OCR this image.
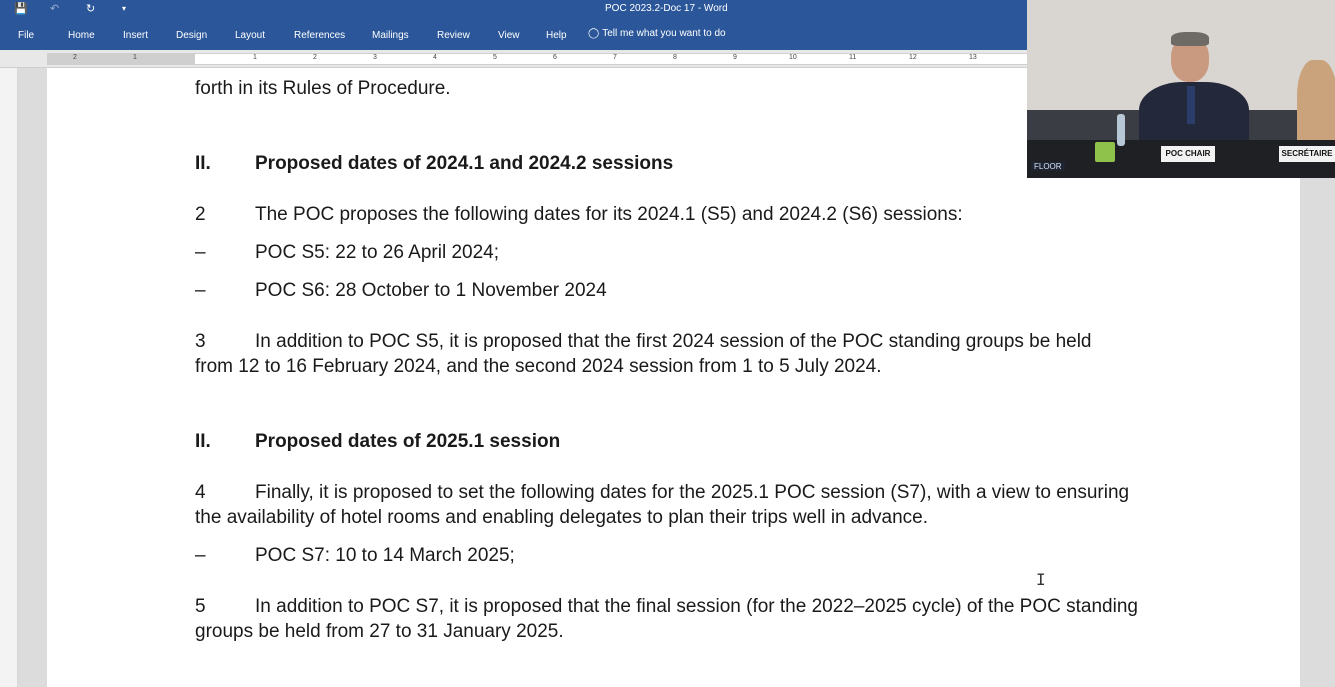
💾 ↶ ↻	▾	POC 2023.2-Doc 17 - Word
File	Home	Insert	Design	Layout	References	Mailings	Review	View	Help ◯ Tell me what you want to do
2	1	1	2	3	4	5	6	7	8	9	10	11	12	13
forth in its Rules of Procedure.
II. Proposed dates of 2024.1 and 2024.2 sessions
2	The POC proposes the following dates for its 2024.1 (S5) and 2024.2 (S6) sessions:
–	POC S5: 22 to 26 April 2024;
–	POC S6: 28 October to 1 November 2024
3	In addition to POC S5, it is proposed that the first 2024 session of the POC standing groups be held
from 12 to 16 February 2024, and the second 2024 session from 1 to 5 July 2024.
II. Proposed dates of 2025.1 session
4	Finally, it is proposed to set the following dates for the 2025.1 POC session (S7), with a view to ensuring
the availability of hotel rooms and enabling delegates to plan their trips well in advance.
–	POC S7: 10 to 14 March 2025;
5	In addition to POC S7, it is proposed that the final session (for the 2022–2025 cycle) of the POC standing
groups be held from 27 to 31 January 2025.
I
POC CHAIR	SECRÉTAIRE
FLOOR
